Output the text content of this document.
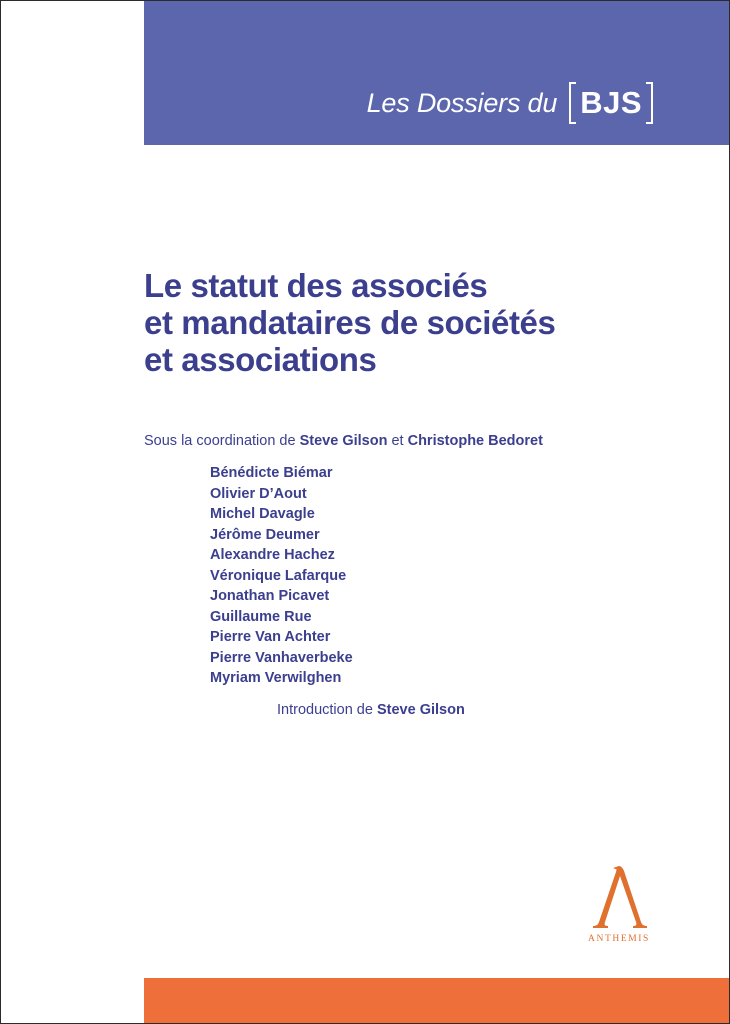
Les Dossiers du BJS
Le statut des associés
et mandataires de sociétés
et associations
Sous la coordination de Steve Gilson et Christophe Bedoret
Bénédicte Biémar
Olivier D’Aout
Michel Davagle
Jérôme Deumer
Alexandre Hachez
Véronique Lafarque
Jonathan Picavet
Guillaume Rue
Pierre Van Achter
Pierre Vanhaverbeke
Myriam Verwilghen
Introduction de Steve Gilson
ANTHEMIS
